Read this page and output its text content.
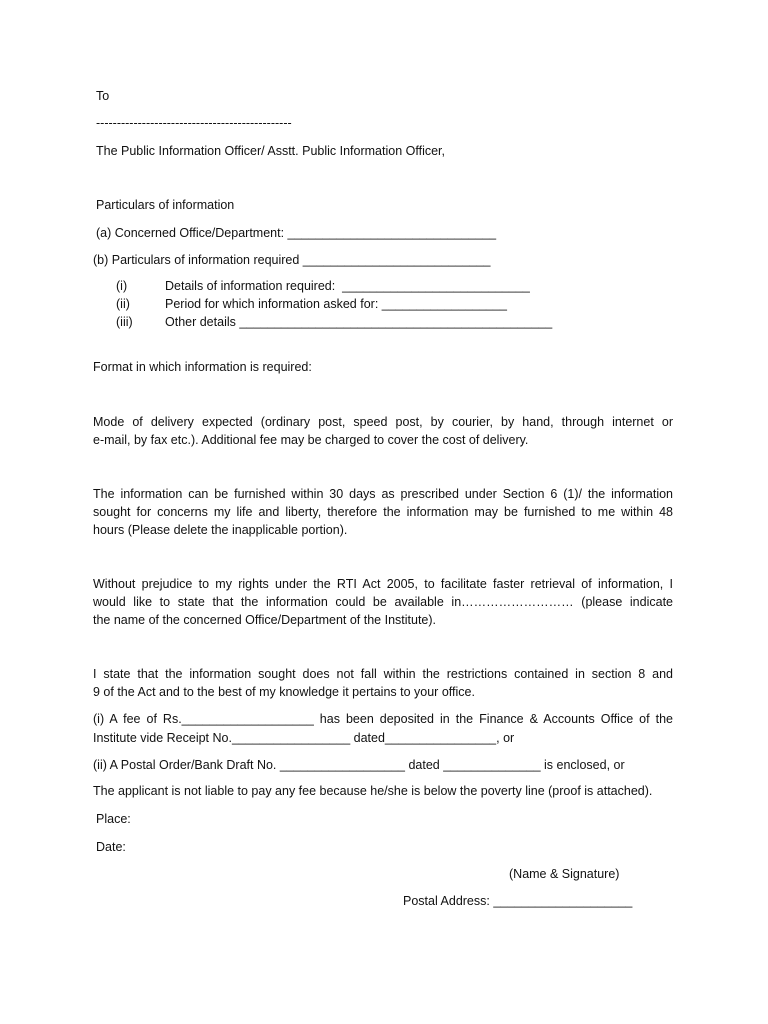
To
-----------------------------------------------
The Public Information Officer/ Asstt. Public Information Officer,
Particulars of information
(a) Concerned Office/Department: ______________________________
(b) Particulars of information required ___________________________
(i)	Details of information required:  ___________________________
(ii)	Period for which information asked for: __________________
(iii)	Other details _____________________________________________
Format in which information is required:
Mode of delivery expected (ordinary post, speed post, by courier, by hand, through internet or
e-mail, by fax etc.). Additional fee may be charged to cover the cost of delivery.
The information can be furnished within 30 days as prescribed under Section 6 (1)/ the information
sought for concerns my life and liberty, therefore the information may be furnished to me within 48
hours (Please delete the inapplicable portion).
Without prejudice to my rights under the RTI Act 2005, to facilitate faster retrieval of information, I
would like to state that the information could be available in……………………… (please indicate
the name of the concerned Office/Department of the Institute).
I state that the information sought does not fall within the restrictions contained in section 8 and
9 of the Act and to the best of my knowledge it pertains to your office.
(i) A fee of Rs.___________________ has been deposited in the Finance & Accounts Office of the
Institute vide Receipt No._________________ dated________________, or
(ii) A Postal Order/Bank Draft No. __________________ dated ______________ is enclosed, or
The applicant is not liable to pay any fee because he/she is below the poverty line (proof is attached).
Place:
Date:
(Name & Signature)
Postal Address: ____________________
